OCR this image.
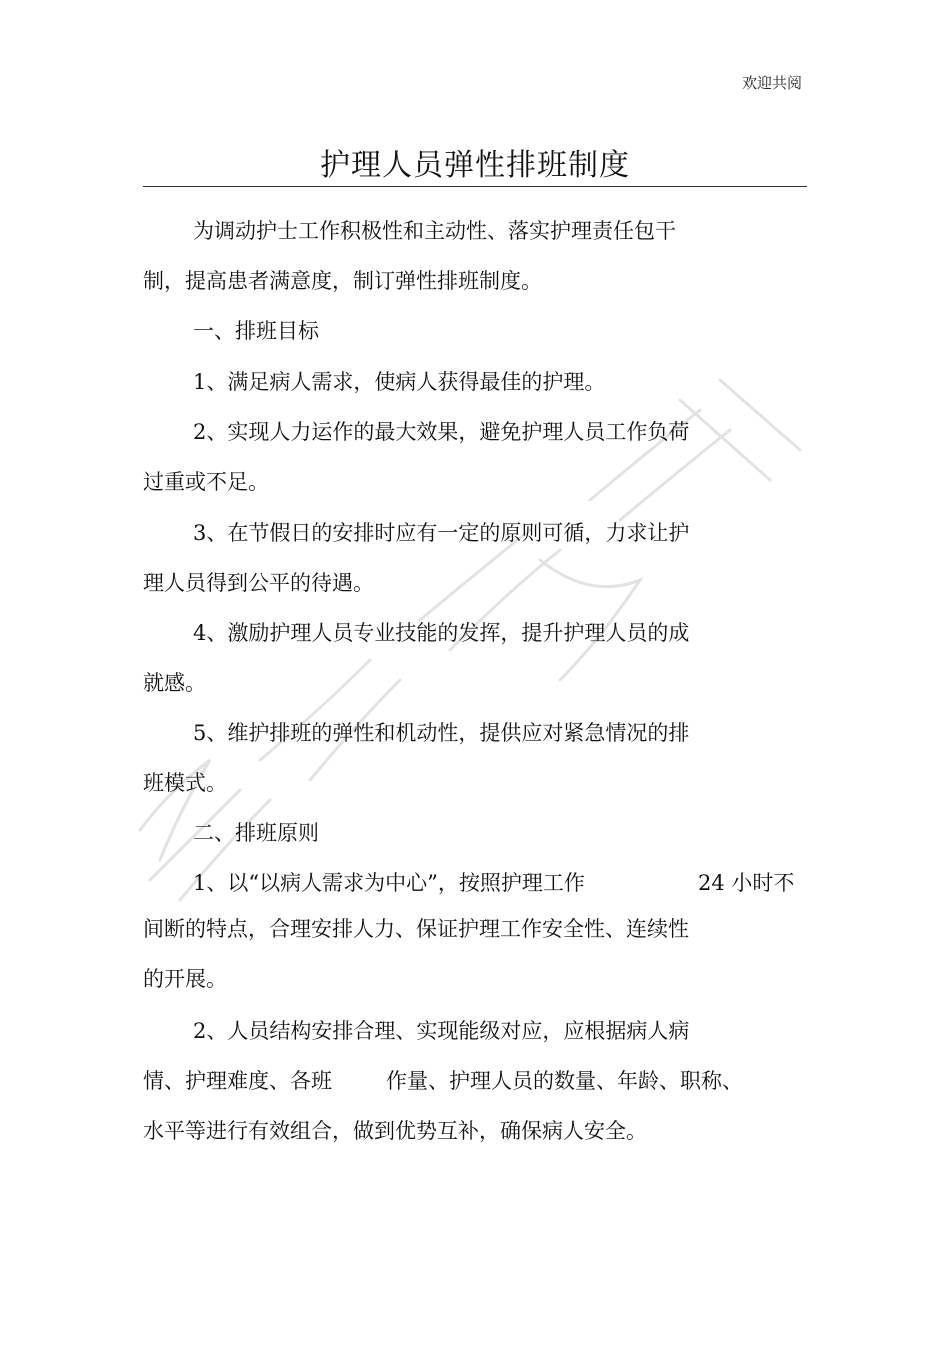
欢迎共阅
护理人员弹性排班制度
为调动护士工作积极性和主动性、落实护理责任包干
制，提高患者满意度，制订弹性排班制度。
一、排班目标
1、满足病人需求，使病人获得最佳的护理。
2、实现人力运作的最大效果，避免护理人员工作负荷
过重或不足。
3、在节假日的安排时应有一定的原则可循，力求让护
理人员得到公平的待遇。
4、激励护理人员专业技能的发挥，提升护理人员的成
就感。
5、维护排班的弹性和机动性，提供应对紧急情况的排
班模式。
二、排班原则
1、以“以病人需求为中心”，按照护理工作	24 小时不
间断的特点，合理安排人力、保证护理工作安全性、连续性
的开展。
2、人员结构安排合理、实现能级对应，应根据病人病
情、护理难度、各班	作量、护理人员的数量、年龄、职称、
水平等进行有效组合，做到优势互补，确保病人安全。
